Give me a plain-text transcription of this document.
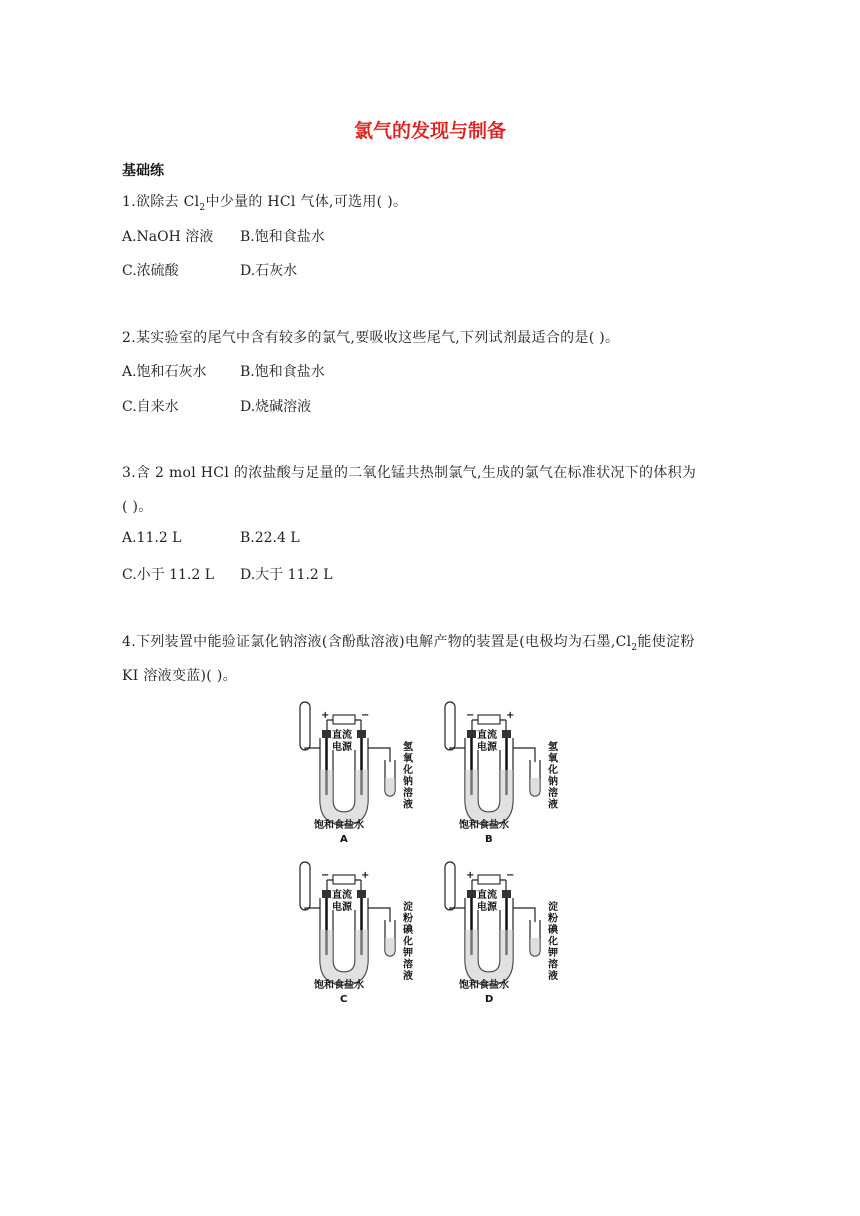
氯气的发现与制备
基础练
1.欲除去 $Cl_2$中少量的 HCl 气体,可选用( )。
A.NaOH 溶液 B.饱和食盐水
C.浓硫酸	D.石灰水
2.某实验室的尾气中含有较多的氯气,要吸收这些尾气,下列试剂最适合的是( )。
A.饱和石灰水 B.饱和食盐水
C.自来水	D.烧碱溶液
3.含 2 mol HCl 的浓盐酸与足量的二氧化锰共热制氯气,生成的氯气在标准状况下的体积为
( )。
A.11.2 L	B.22.4 L
C.小于 11.2 L D.大于 11.2 L
4.下列装置中能验证氯化钠溶液(含酚酞溶液)电解产物的装置是(电极均为石墨$,Cl_2$能使淀粉
KI 溶液变蓝)( )。
+	−
直流
电源	氢
氧
化
钠
溶
液
饱和食盐水
A
−	+
直流
电源	氢
氧
化
钠
溶
液
饱和食盐水
B
−	+
直流
电源	淀
粉
碘
化
钾
溶
液
饱和食盐水
C
+	−
直流
电源	淀
粉
碘
化
钾
溶
液
饱和食盐水
D
